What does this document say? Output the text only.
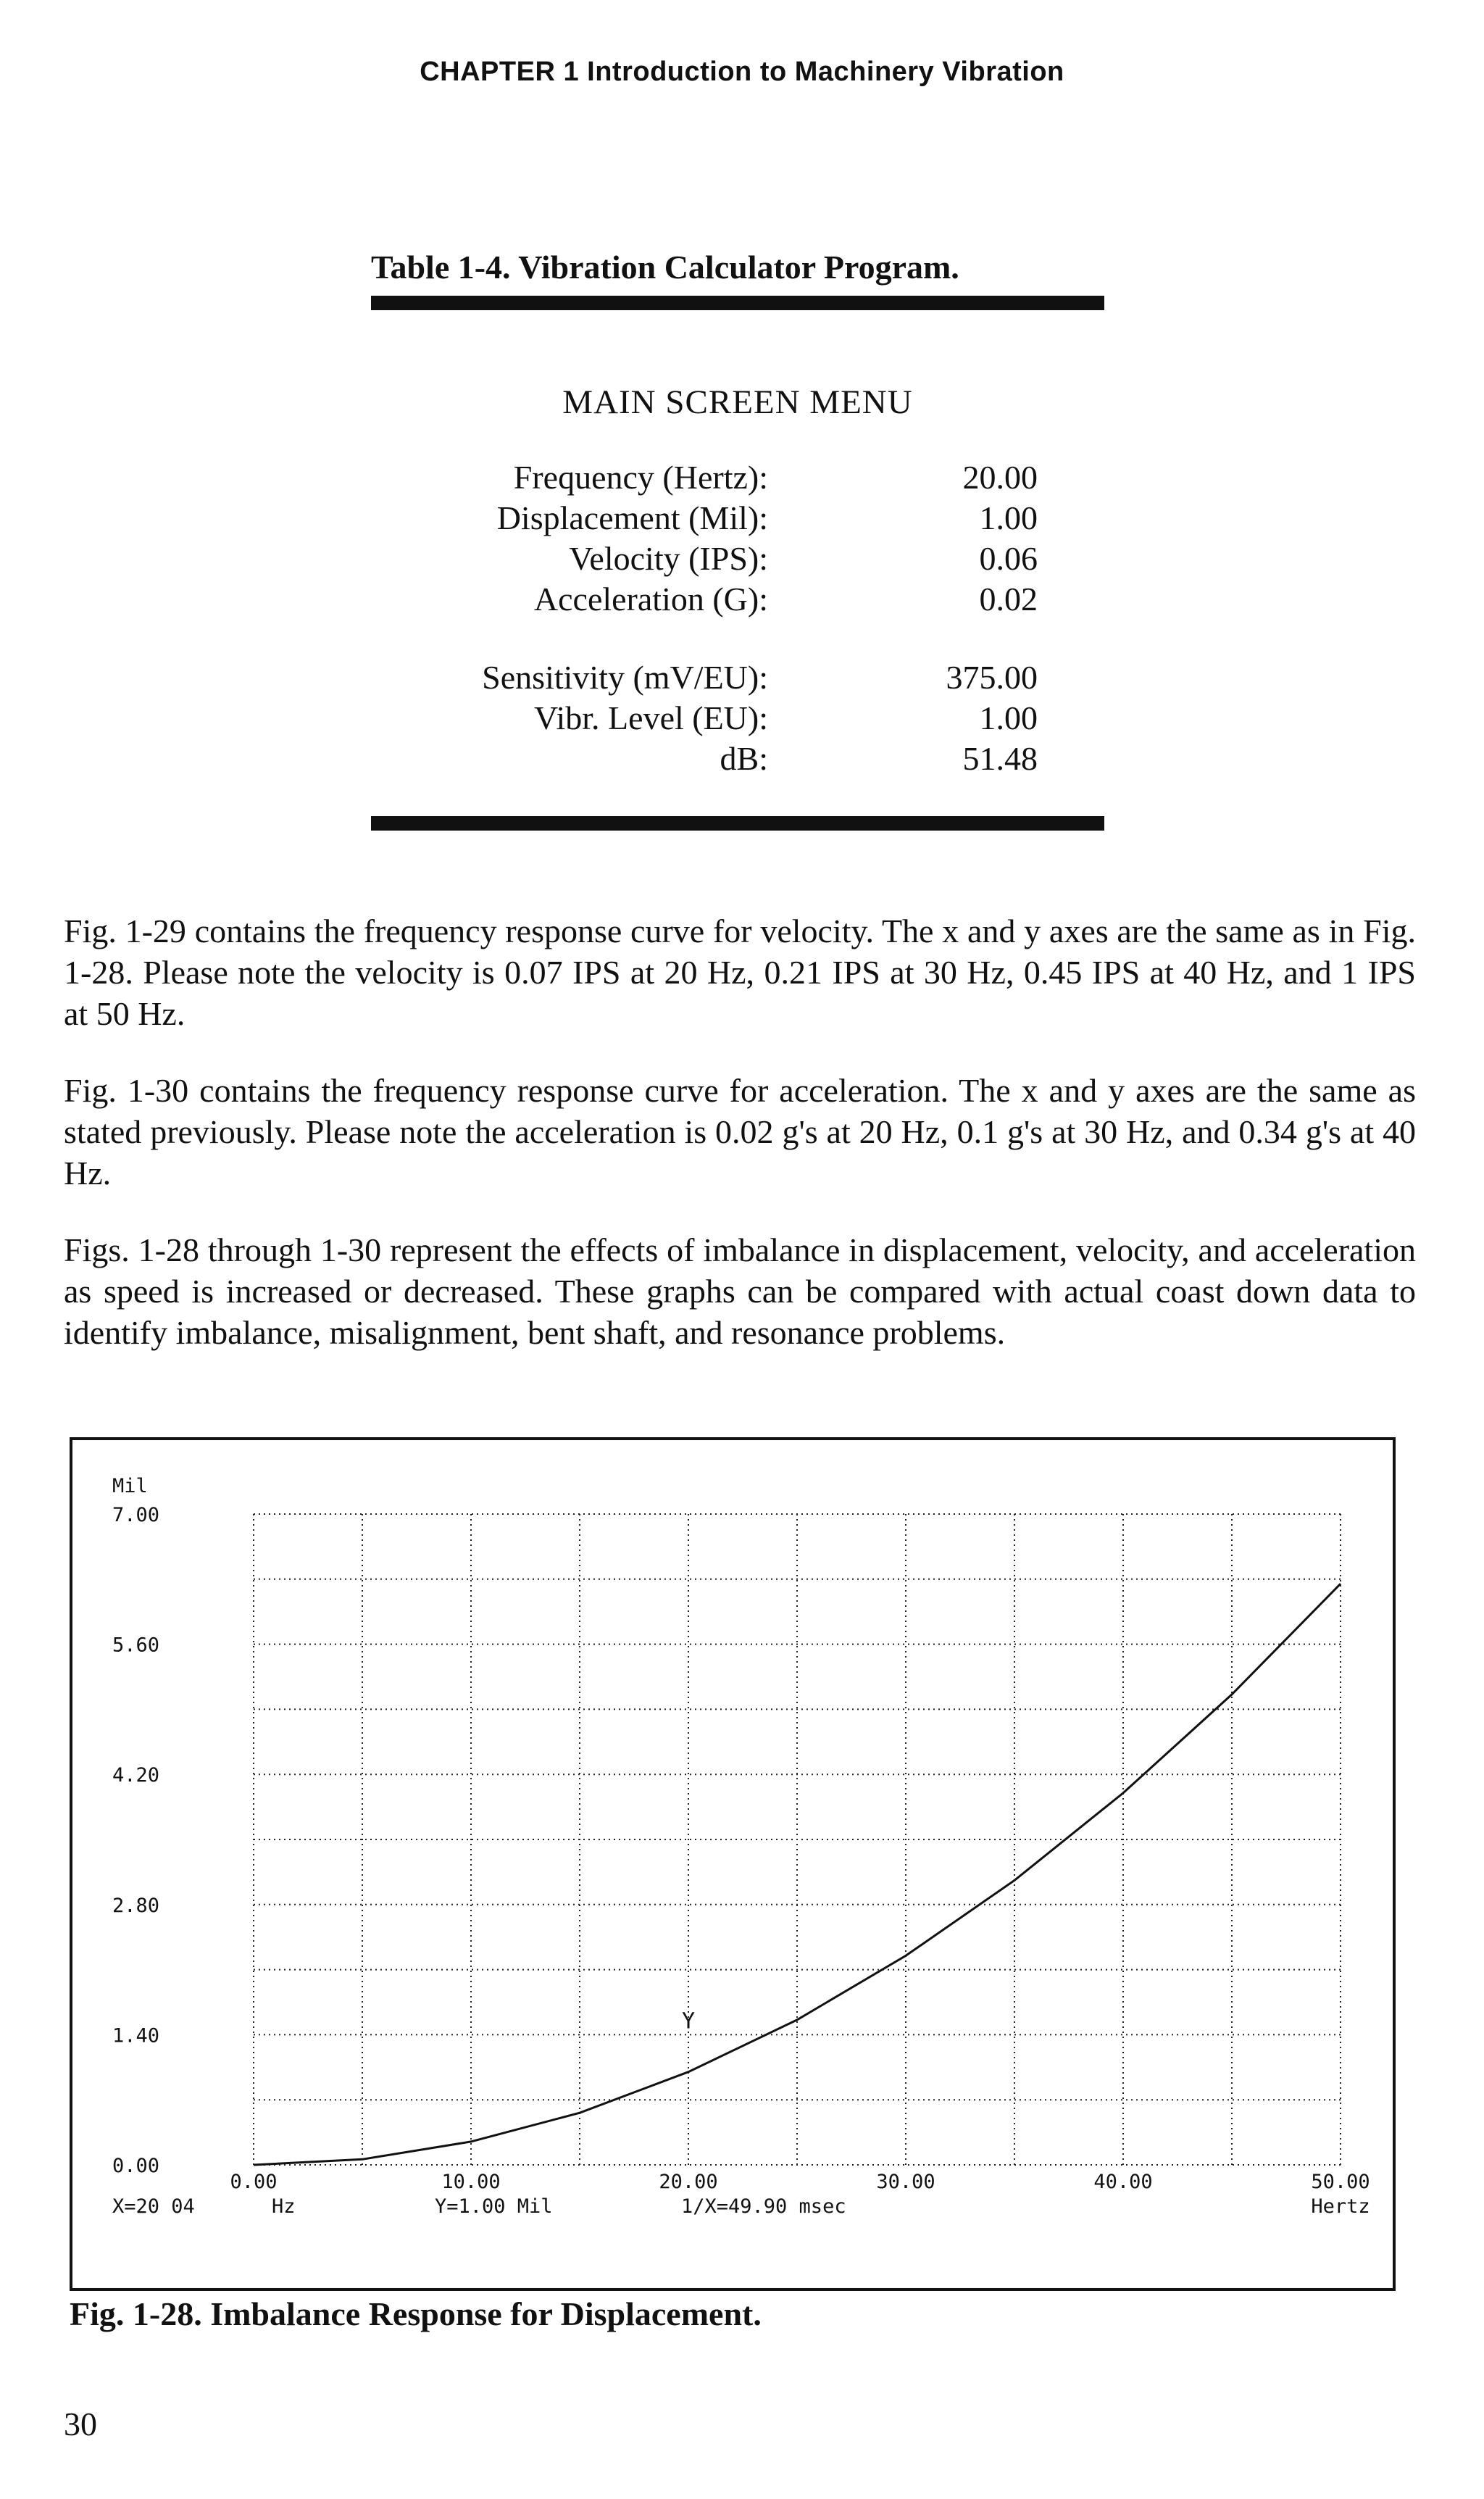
CHAPTER 1 Introduction to Machinery Vibration
Table 1-4. Vibration Calculator Program.
MAIN SCREEN MENU
Frequency (Hertz):	20.00
Displacement (Mil):	1.00
Velocity (IPS):	0.06
Acceleration (G):	0.02
Sensitivity (mV/EU):	375.00
Vibr. Level (EU):	1.00
dB:	51.48

Fig. 1-29 contains the frequency response curve for velocity. The x and y axes are the same as in Fig. 1-28. Please note the velocity is 0.07 IPS at 20 Hz, 0.21 IPS at 30 Hz, 0.45 IPS at 40 Hz, and 1 IPS at 50 Hz.

Fig. 1-30 contains the frequency response curve for acceleration. The x and y axes are the same as stated previously. Please note the acceleration is 0.02 g's at 20 Hz, 0.1 g's at 30 Hz, and 0.34 g's at 40 Hz.

Figs. 1-28 through 1-30 represent the effects of imbalance in displacement, velocity, and acceleration as speed is increased or decreased. These graphs can be compared with actual coast down data to identify imbalance, misalignment, bent shaft, and resonance problems.

Y
Mil
0.00
1.40
2.80
4.20
5.60
7.00
0.00	10.00	20.00	30.00	40.00	50.00
Hertz
X=20 04	Hz	Y=1.00 Mil	1/X=49.90 msec
Fig. 1-28. Imbalance Response for Displacement.
30
